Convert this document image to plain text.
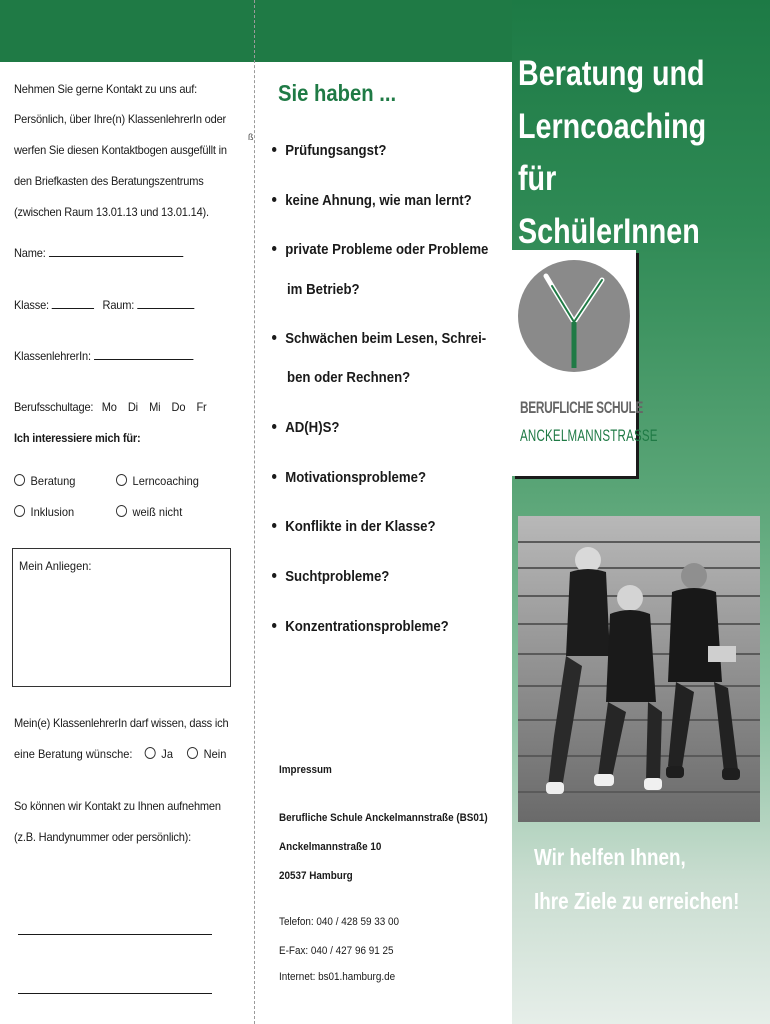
ß
Nehmen Sie gerne Kontakt zu uns auf:
Persönlich, über Ihre(n) KlassenlehrerIn oder
werfen Sie diesen Kontaktbogen ausgefüllt in
den Briefkasten des Beratungszentrums
(zwischen Raum 13.01.13 und 13.01.14).
Name:
Klasse:	Raum:
KlassenlehrerIn:
Berufsschultage: Mo Di Mi Do Fr
Ich interessiere mich für:
Beratung	Lerncoaching
Inklusion	weiß nicht
Mein Anliegen:
Mein(e) KlassenlehrerIn darf wissen, dass ich
eine Beratung wünsche: Ja	Nein
So können wir Kontakt zu Ihnen aufnehmen
(z.B. Handynummer oder persönlich):
Sie haben ...
Prüfungsangst?
keine Ahnung, wie man lernt?
private Probleme oder Probleme
im Betrieb?
Schwächen beim Lesen, Schrei-
ben oder Rechnen?
AD(H)S?
Motivationsprobleme?
Konflikte in der Klasse?
Suchtprobleme?
Konzentrationsprobleme?
Impressum
Berufliche Schule Anckelmannstraße (BS01)
Anckelmannstraße 10
20537 Hamburg
Telefon: 040 / 428 59 33 00
E-Fax: 040 / 427 96 91 25
Internet: bs01.hamburg.de
Beratung und Lerncoaching für SchülerInnen
BERUFLICHE SCHULE
ANCKELMANNSTRASSE
Wir helfen Ihnen,
Ihre Ziele zu erreichen!
